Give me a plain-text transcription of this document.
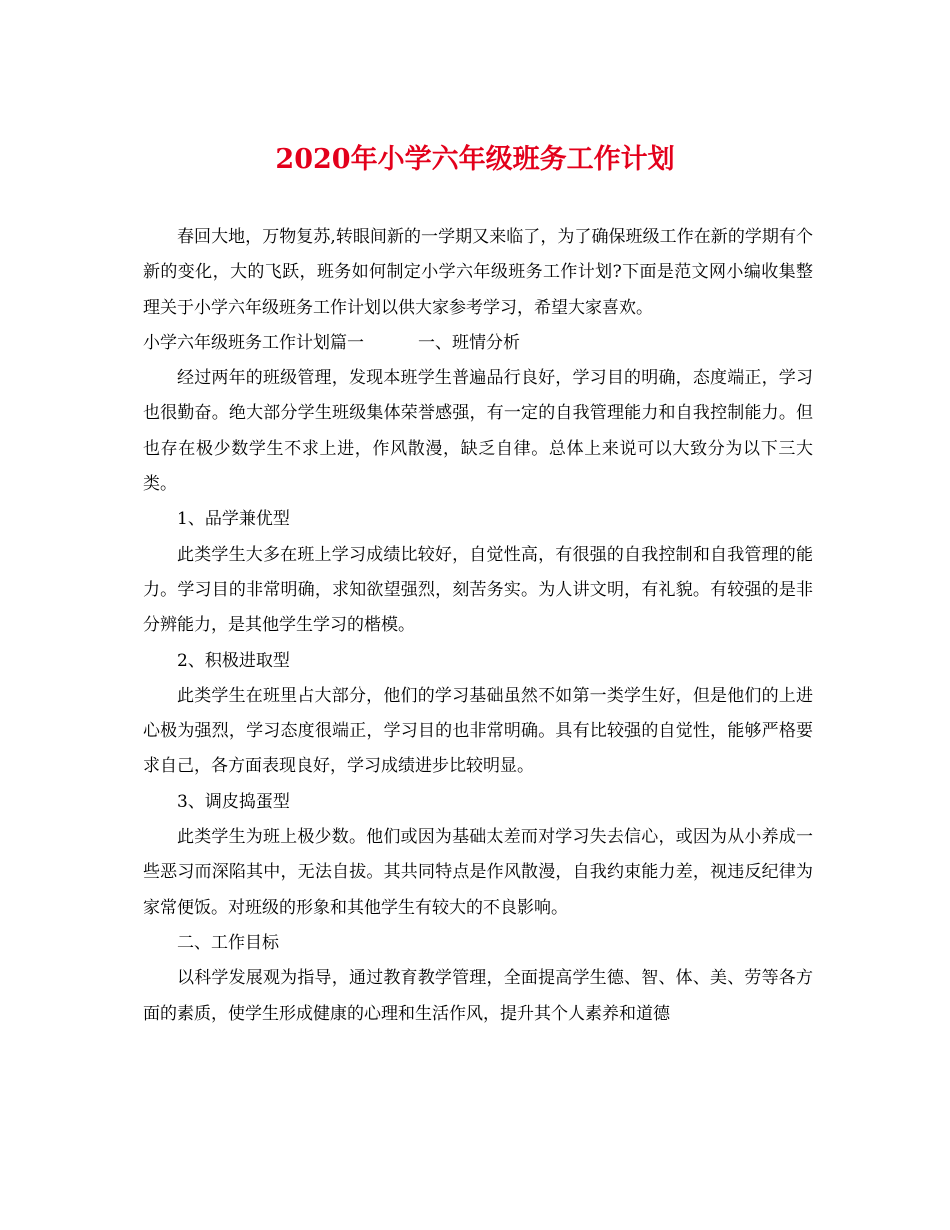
2020年小学六年级班务工作计划

春回大地，万物复苏,转眼间新的一学期又来临了，为了确保班级工作在新的学期有个新的变化，大的飞跃，班务如何制定小学六年级班务工作计划?下面是范文网小编收集整理关于小学六年级班务工作计划以供大家参考学习，希望大家喜欢。

小学六年级班务工作计划篇一	一、班情分析

经过两年的班级管理，发现本班学生普遍品行良好，学习目的明确，态度端正，学习也很勤奋。绝大部分学生班级集体荣誉感强，有一定的自我管理能力和自我控制能力。但也存在极少数学生不求上进，作风散漫，缺乏自律。总体上来说可以大致分为以下三大类。

1、品学兼优型

此类学生大多在班上学习成绩比较好，自觉性高，有很强的自我控制和自我管理的能力。学习目的非常明确，求知欲望强烈，刻苦务实。为人讲文明，有礼貌。有较强的是非分辨能力，是其他学生学习的楷模。

2、积极进取型

此类学生在班里占大部分，他们的学习基础虽然不如第一类学生好，但是他们的上进心极为强烈，学习态度很端正，学习目的也非常明确。具有比较强的自觉性，能够严格要求自己，各方面表现良好，学习成绩进步比较明显。

3、调皮捣蛋型

此类学生为班上极少数。他们或因为基础太差而对学习失去信心，或因为从小养成一些恶习而深陷其中，无法自拔。其共同特点是作风散漫，自我约束能力差，视违反纪律为家常便饭。对班级的形象和其他学生有较大的不良影响。

二、工作目标

以科学发展观为指导，通过教育教学管理，全面提高学生德、智、体、美、劳等各方面的素质，使学生形成健康的心理和生活作风，提升其个人素养和道德
